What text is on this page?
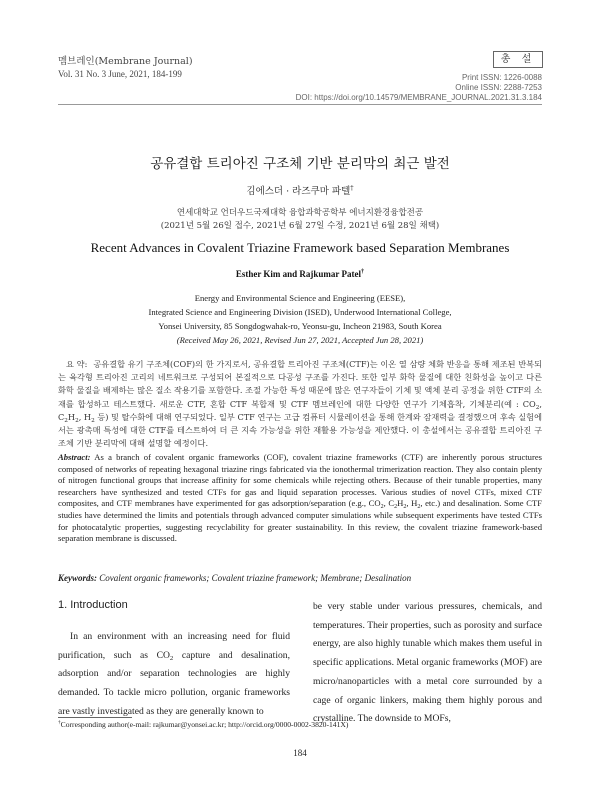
멤브레인(Membrane Journal)
Vol. 31 No. 3 June, 2021, 184-199
총 설
Print ISSN: 1226-0088
Online ISSN: 2288-7253
DOI: https://doi.org/10.14579/MEMBRANE_JOURNAL.2021.31.3.184
공유결합 트리아진 구조체 기반 분리막의 최근 발전
김에스더 · 라즈쿠마 파텔†
연세대학교 언더우드국제대학 융합과학공학부 에너지환경융합전공
(2021년 5월 26일 접수, 2021년 6월 27일 수정, 2021년 6월 28일 채택)
Recent Advances in Covalent Triazine Framework based Separation Membranes
Esther Kim and Rajkumar Patel†
Energy and Environmental Science and Engineering (EESE),
Integrated Science and Engineering Division (ISED), Underwood International College,
Yonsei University, 85 Songdogwahak-ro, Yeonsu-gu, Incheon 21983, South Korea
(Received May 26, 2021, Revised Jun 27, 2021, Accepted Jun 28, 2021)
요 약: 공유결합 유기 구조체(COF)의 한 가지로서, 공유결합 트리아진 구조체(CTF)는 이온 열 삼량 체화 반응을 통해 제조된 반복되는 육각형 트리아진 고리의 네트워크로 구성되어 본질적으로 다공성 구조를 가진다. 또한 일부 화학 물질에 대한 친화성을 높이고 다른 화학 물질을 배제하는 많은 질소 작용기를 포함한다. 조절 가능한 특성 때문에 많은 연구자들이 기체 및 액체 분리 공정을 위한 CTF의 소재를 합성하고 테스트했다. 새로운 CTF, 혼합 CTF 복합재 및 CTF 멤브레인에 대한 다양한 연구가 기체흡착, 기체분리(예 : $CO_2$, $C_2H_2$, $H_2$ 등) 및 탈수화에 대해 연구되었다. 일부 CTF 연구는 고급 컴퓨터 시뮬레이션을 통해 한계와 잠재력을 결정했으며 후속 실험에서는 광촉매 특성에 대한 CTF를 테스트하여 더 큰 지속 가능성을 위한 재활용 가능성을 제안했다. 이 총설에서는 공유결합 트리아진 구조체 기반 분리막에 대해 설명할 예정이다.
Abstract: As a branch of covalent organic frameworks (COF), covalent triazine frameworks (CTF) are inherently porous structures composed of networks of repeating hexagonal triazine rings fabricated via the ionothermal trimerization reaction. They also contain plenty of nitrogen functional groups that increase affinity for some chemicals while rejecting others. Because of their tunable properties, many researchers have synthesized and tested CTFs for gas and liquid separation processes. Various studies of novel CTFs, mixed CTF composites, and CTF membranes have experimented for gas adsorption/separation (e.g., $CO_2$, $C_2H_2$, $H_2$, etc.) and desalination. Some CTF studies have determined the limits and potentials through advanced computer simulations while subsequent experiments have tested CTFs for photocatalytic properties, suggesting recyclability for greater sustainability. In this review, the covalent triazine framework-based separation membrane is discussed.
Keywords: Covalent organic frameworks; Covalent triazine framework; Membrane; Desalination
1. Introduction
In an environment with an increasing need for fluid purification, such as $CO_2$ capture and desalination, adsorption and/or separation technologies are highly demanded. To tackle micro pollution, organic frameworks are vastly investigated as they are generally known to
be very stable under various pressures, chemicals, and temperatures. Their properties, such as porosity and surface energy, are also highly tunable which makes them useful in specific applications. Metal organic frameworks (MOF) are micro/nanoparticles with a metal core surrounded by a cage of organic linkers, making them highly porous and crystalline. The downside to MOFs,
†Corresponding author(e-mail: rajkumar@yonsei.ac.kr; http://orcid.org/0000-0002-3820-141X)
184
